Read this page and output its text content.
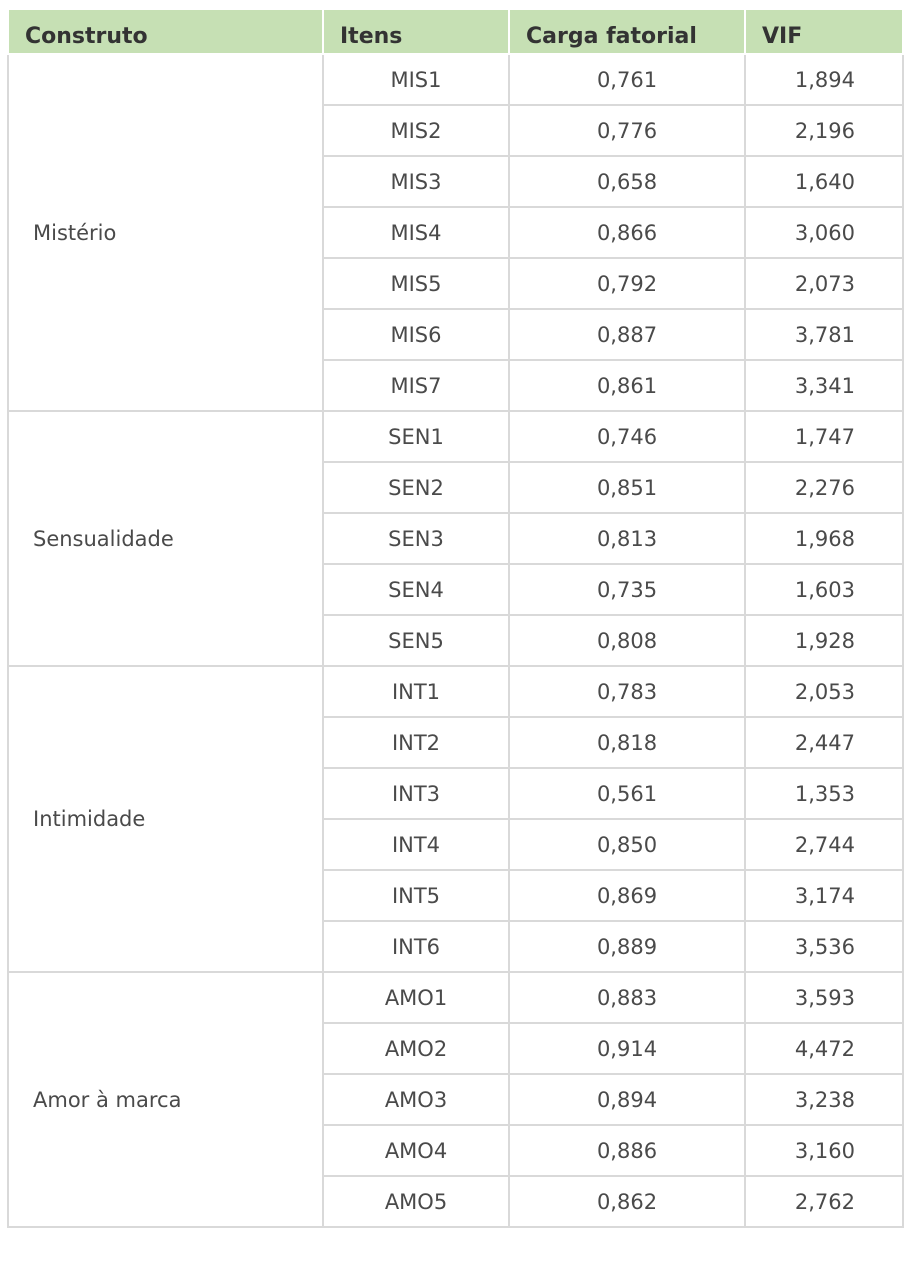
Construto	Itens	Carga fatorial	VIF
Mistério	MIS1	0,761	1,894
	MIS2	0,776	2,196
	MIS3	0,658	1,640
	MIS4	0,866	3,060
	MIS5	0,792	2,073
	MIS6	0,887	3,781
	MIS7	0,861	3,341
Sensualidade	SEN1	0,746	1,747
	SEN2	0,851	2,276
	SEN3	0,813	1,968
	SEN4	0,735	1,603
	SEN5	0,808	1,928
Intimidade	INT1	0,783	2,053
	INT2	0,818	2,447
	INT3	0,561	1,353
	INT4	0,850	2,744
	INT5	0,869	3,174
	INT6	0,889	3,536
Amor à marca	AMO1	0,883	3,593
	AMO2	0,914	4,472
	AMO3	0,894	3,238
	AMO4	0,886	3,160
	AMO5	0,862	2,762
